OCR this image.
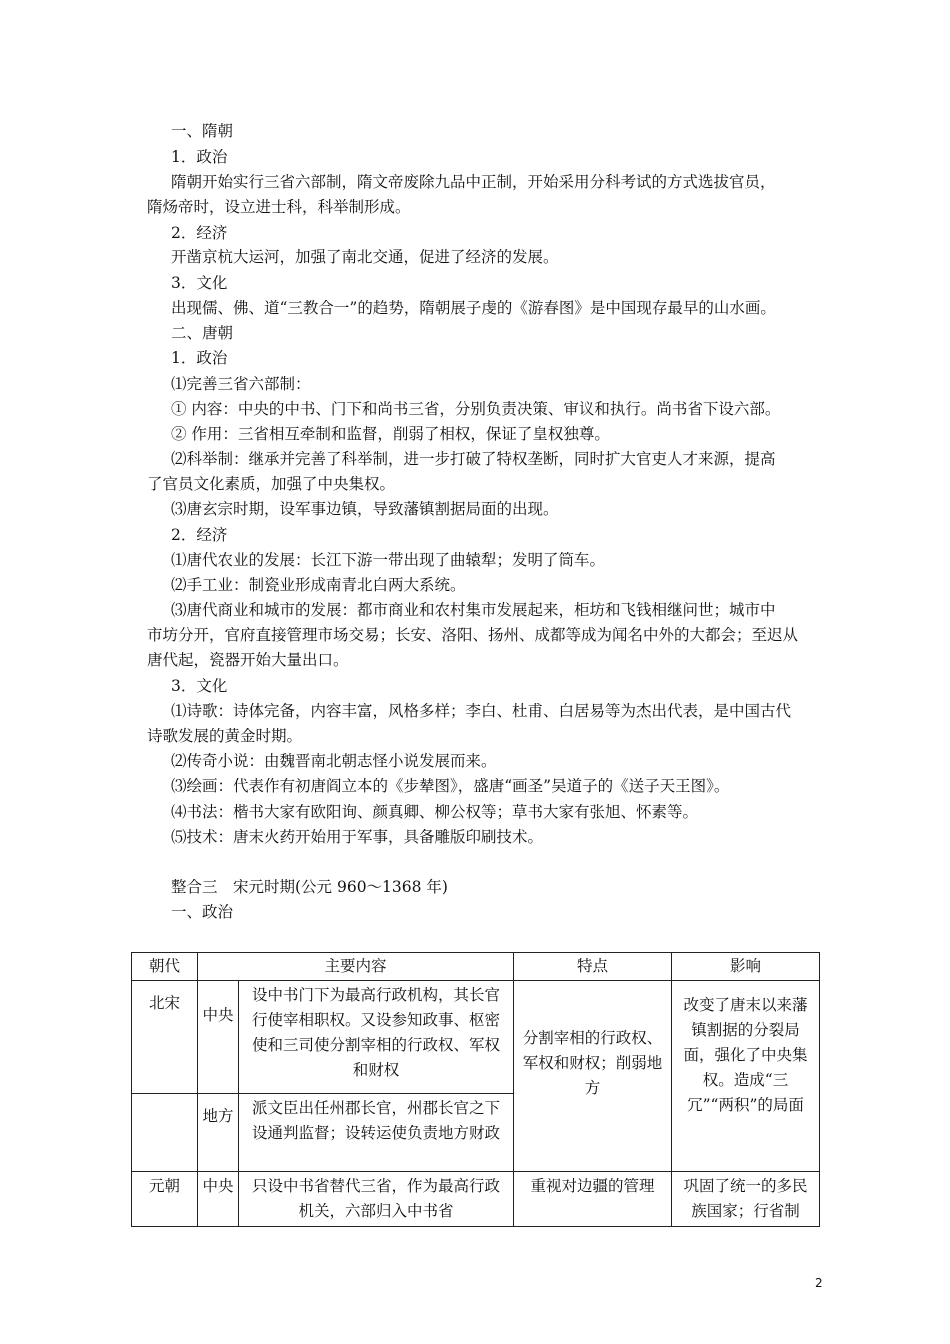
一、隋朝
1．政治
隋朝开始实行三省六部制，隋文帝废除九品中正制，开始采用分科考试的方式选拔官员，
隋炀帝时，设立进士科，科举制形成。
2．经济
开凿京杭大运河，加强了南北交通，促进了经济的发展。
3．文化
出现儒、佛、道“三教合一”的趋势，隋朝展子虔的《游春图》是中国现存最早的山水画。
二、唐朝
1．政治
⑴完善三省六部制：
① 内容：中央的中书、门下和尚书三省，分别负责决策、审议和执行。尚书省下设六部。
② 作用：三省相互牵制和监督，削弱了相权，保证了皇权独尊。
⑵科举制：继承并完善了科举制，进一步打破了特权垄断，同时扩大官吏人才来源，提高
了官员文化素质，加强了中央集权。
⑶唐玄宗时期，设军事边镇，导致藩镇割据局面的出现。
2．经济
⑴唐代农业的发展：长江下游一带出现了曲辕犁；发明了筒车。
⑵手工业：制瓷业形成南青北白两大系统。
⑶唐代商业和城市的发展：都市商业和农村集市发展起来，柜坊和飞钱相继问世；城市中
市坊分开，官府直接管理市场交易；长安、洛阳、扬州、成都等成为闻名中外的大都会；至迟从
唐代起，瓷器开始大量出口。
3．文化
⑴诗歌：诗体完备，内容丰富，风格多样；李白、杜甫、白居易等为杰出代表，是中国古代
诗歌发展的黄金时期。
⑵传奇小说：由魏晋南北朝志怪小说发展而来。
⑶绘画：代表作有初唐阎立本的《步辇图》，盛唐“画圣”吴道子的《送子天王图》。
⑷书法：楷书大家有欧阳询、颜真卿、柳公权等；草书大家有张旭、怀素等。
⑸技术：唐末火药开始用于军事，具备雕版印刷技术。
整合三　宋元时期(公元 960～1368 年)
一、政治
朝代	主要内容		特点	影响
北宋	中央	设中书门下为最高行政机构，其长官行使宰相职权。又设参知政事、枢密使和三司使分割宰相的行政权、军权和财权	分割宰相的行政权、军权和财权；削弱地方	改变了唐末以来藩镇割据的分裂局面，强化了中央集权。造成“三冗”“两积”的局面
	地方	派文臣出任州郡长官，州郡长官之下设通判监督；设转运使负责地方财政		
元朝	中央	只设中书省替代三省，作为最高行政机关，六部归入中书省	重视对边疆的管理	巩固了统一的多民族国家；行省制
2
